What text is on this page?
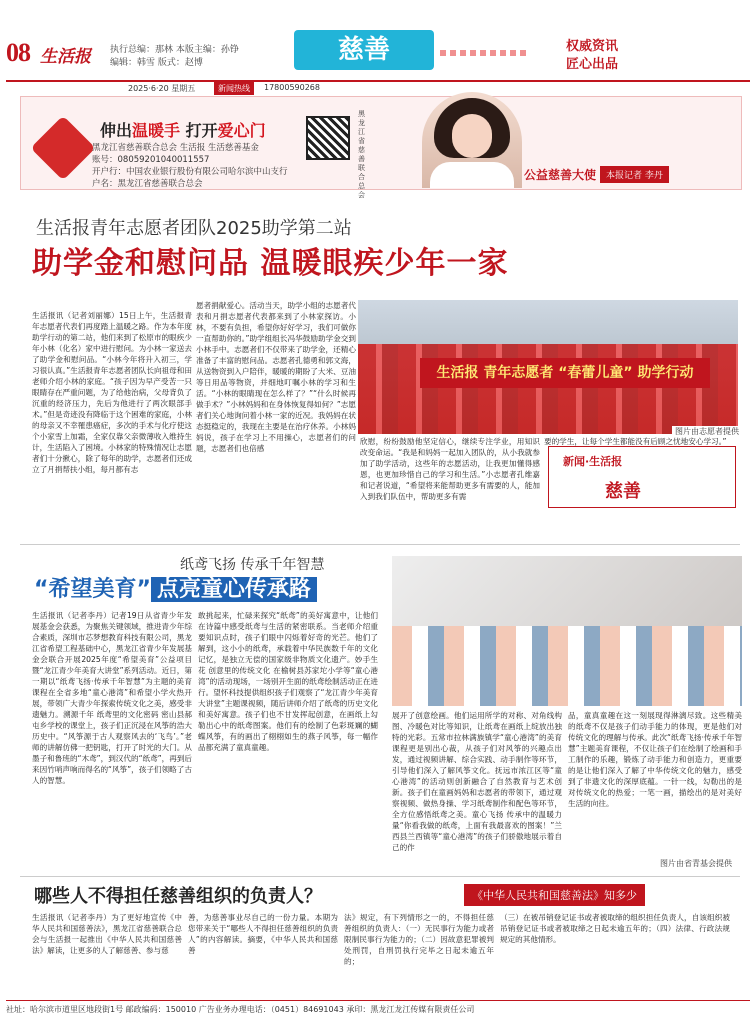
08 生活报 执行总编：那林 本版主编：孙铮
编辑：韩雪 版式：赵博	慈善	权威资讯
匠心出品
2025·6·20 星期五	新闻热线	17800590268
伸出温暖手 打开爱心门
黑龙江省慈善联合总会 生活报 生活慈善基金
账号：08059201040011557
开户行：中国农业银行股份有限公司哈尔滨中山支行
户名：黑龙江省慈善联合总会
黑龙江省慈善联合总会
公益慈善大使	本报记者 李丹
生活报青年志愿者团队2025助学第二站
助学金和慰问品 温暖眼疾少年一家
生活报讯（记者刘丽娜）15日上午，生活报青年志愿者代表们再度踏上温暖之路。作为本年度助学行动的第二站，他们来到了松原市的眼疾少年小林（化名）家中进行慰问。为小林一家送去了助学金和慰问品。“小林今年将升入初三，学习很认真。”生活报青年志愿者团队长向祖母和田老师介绍小林的家庭。“孩子因为早产受苦一只眼睛存在严重问题，为了给他治病，父母背负了沉重的经济压力，先后为他进行了两次眼部手术。”但是奇迹没有降临于这个困难的家庭，小林的母亲又不幸罹患癌症，多次的手术与化疗使这个小家雪上加霜，全家仅靠父亲微薄收入维持生计，生活陷入了困境。小林家的特殊情况让志愿者们十分揪心，除了每年的助学，志愿者们还成立了月捐帮扶小组，每月都有志
愿者捐献爱心。活动当天，助学小组的志愿者代表和月捐志愿者代表都来到了小林家探访。小林，不要有负担，希望你好好学习，我们可做你一直帮助你的。”助学组组长冯华鼓励助学金交到小林手中。志愿者们不仅带来了助学金，还精心准备了丰富的慰问品。志愿者孔德勇和郭文海，从送物资到入户陪伴，暖暖的期盼了大米、豆油等日用品等物资，并细地叮嘱小林的学习和生活。“小林的眼睛现在怎么样了？”“什么时候再做手术？”小林妈妈和在身体恢复得如何？”志愿者们关心地询问着小林一家的近况。我妈妈在状态挺稳定的，我现在主要是在治疗休养。小林妈妈说，孩子在学习上不用操心，志愿者们的问题，志愿者们也倍感
生活报 青年志愿者 “春蕾儿童” 助学行动
图片由志愿者提供
欣慰，纷纷鼓励他坚定信心，继续专注学业，用知识改变命运。“我是和妈妈一起加入团队的，从小我就参加了助学活动，这些年的志愿活动，让我更加懂得感恩，也更加珍惜自己的学习和生活。”小志愿者孔维嘉和记者说道，“希望将来能帮助更多有需要的人，能加入到我们队伍中，帮助更多有需
要的学生，让每个学生都能没有后顾之忧地安心学习。”
新闻·生活报
慈善
纸鸢飞扬 传承千年智慧
“希望美育” 点亮童心传承路
生活报讯（记者李丹）记者19日从省青少年发展基金会获悉，为聚焦关键领域，推进青少年综合素质，深圳市芯梦想教育科技有限公司，黑龙江省希望工程基础中心，黑龙江省青少年发展基金会联合开展2025年度“希望美育”公益项目暨“龙江青少年美育大讲堂”系列活动。近日，第一期以“纸鸢飞扬·传承千年智慧”为主题的美育课程在全省多地“童心港湾”和希望小学火热开展，带领广大青少年探索传统文化之美，感受非遗魅力。溯源千年 纸鸢里的文化密码 密山县郝屯乡学校的课堂上，孩子们正沉浸在风筝的浩大历史中。“风筝源于古人观察风去的‘飞鸟’。”老师的讲解仿佛一把钥匙，打开了时光的大门。从墨子和鲁班的“木鸢”，到汉代的“纸鸢”，再到后来因竹哨声响而得名的“风筝”，孩子们领略了古人的智慧。
敢挑起来，忙碌来探究“纸鸢”的美好寓意中，让他们在诗篇中感受纸鸢与生活的紧密联系。当老师介绍重要知识点时，孩子们眼中闪烁着好奇的光芒。他们了解到，这小小的纸鸢，承载着中华民族数千年的文化记忆，是独立无偿的国家级非物质文化遗产。妙手生花 创意里的传统文化 在榆树县苏家坨小学等“童心港湾”的活动现场，一场别开生面的纸鸢绘制活动正在进行。望怀科技提供组织孩子们观察了“龙江青少年美育大讲堂”主题课视频，随后讲师介绍了纸鸢的历史文化和美好寓意。孩子们也不甘发挥起创意，在画纸上勾勒出心中的纸鸢图案。他们有的绘制了色彩斑斓的蝴蝶风筝，有的画出了栩栩如生的燕子风筝，每一幅作品都充满了童真童趣。
展开了创意绘画。他们运用所学的对称、对角线构图、冷暖色对比等知识，让纸鸢在画纸上绽放出独特的光彩。五常市拉林满族镇学“童心港湾”的美育课程更是别出心裁，从孩子们对风筝的兴趣点出发，通过视频讲解、综合实践、动手制作等环节，引导他们深入了解风筝文化。抚远市浓江区等“童心港湾”的活动则创新融合了自然教育与艺术创新。孩子们在童画妈妈和志愿者的带领下，通过观察视频、做热身操、学习纸鸢制作和配色等环节，全方位感悟纸鸢之美。童心飞扬 传承中的温暖力量“你看我做的纸鸢，上面有我最喜欢的图案！”兰西县兰西镇等“童心港湾”的孩子们骄傲地展示着自己的作
品，童真童趣在这一刻展现得淋漓尽致。这些精美的纸鸢不仅是孩子们动手能力的体现，更是他们对传统文化的理解与传承。此次“纸鸢飞扬·传承千年智慧”主题美育课程，不仅让孩子们在绘制了绘画和手工制作的乐趣，锻炼了动手能力和创造力，更重要的是让他们深入了解了中华传统文化的魅力，感受到了非遗文化的深厚底蕴。一针一线，勾勒出的是对传统文化的热爱；一笔一画，描绘出的是对美好生活的向往。
图片由省青基会提供
哪些人不得担任慈善组织的负责人？	《中华人民共和国慈善法》知多少
生活报讯（记者李丹）为了更好地宣传《中华人民共和国慈善法》，黑龙江省慈善联合总会与生活报一起推出《中华人民共和国慈善法》解读，让更多的人了解慈善、参与慈
善，为慈善事业尽自己的一份力量。本期为您带来关于“哪些人不得担任慈善组织的负责人”的内容解读。摘要，《中华人民共和国慈善
法》规定，有下列情形之一的，不得担任慈善组织的负责人：（一）无民事行为能力或者限制民事行为能力的；（二）因故意犯罪被判处刑罚，自刑罚执行完毕之日起未逾五年的；
（三）在被吊销登记证书或者被取缔的组织担任负责人，自该组织被吊销登记证书或者被取缔之日起未逾五年的；（四）法律、行政法规规定的其他情形。
社址：哈尔滨市道里区地段街1号 邮政编码：150010 广告业务办理电话：（0451）84691043 承印：黑龙江龙江传媒有限责任公司
